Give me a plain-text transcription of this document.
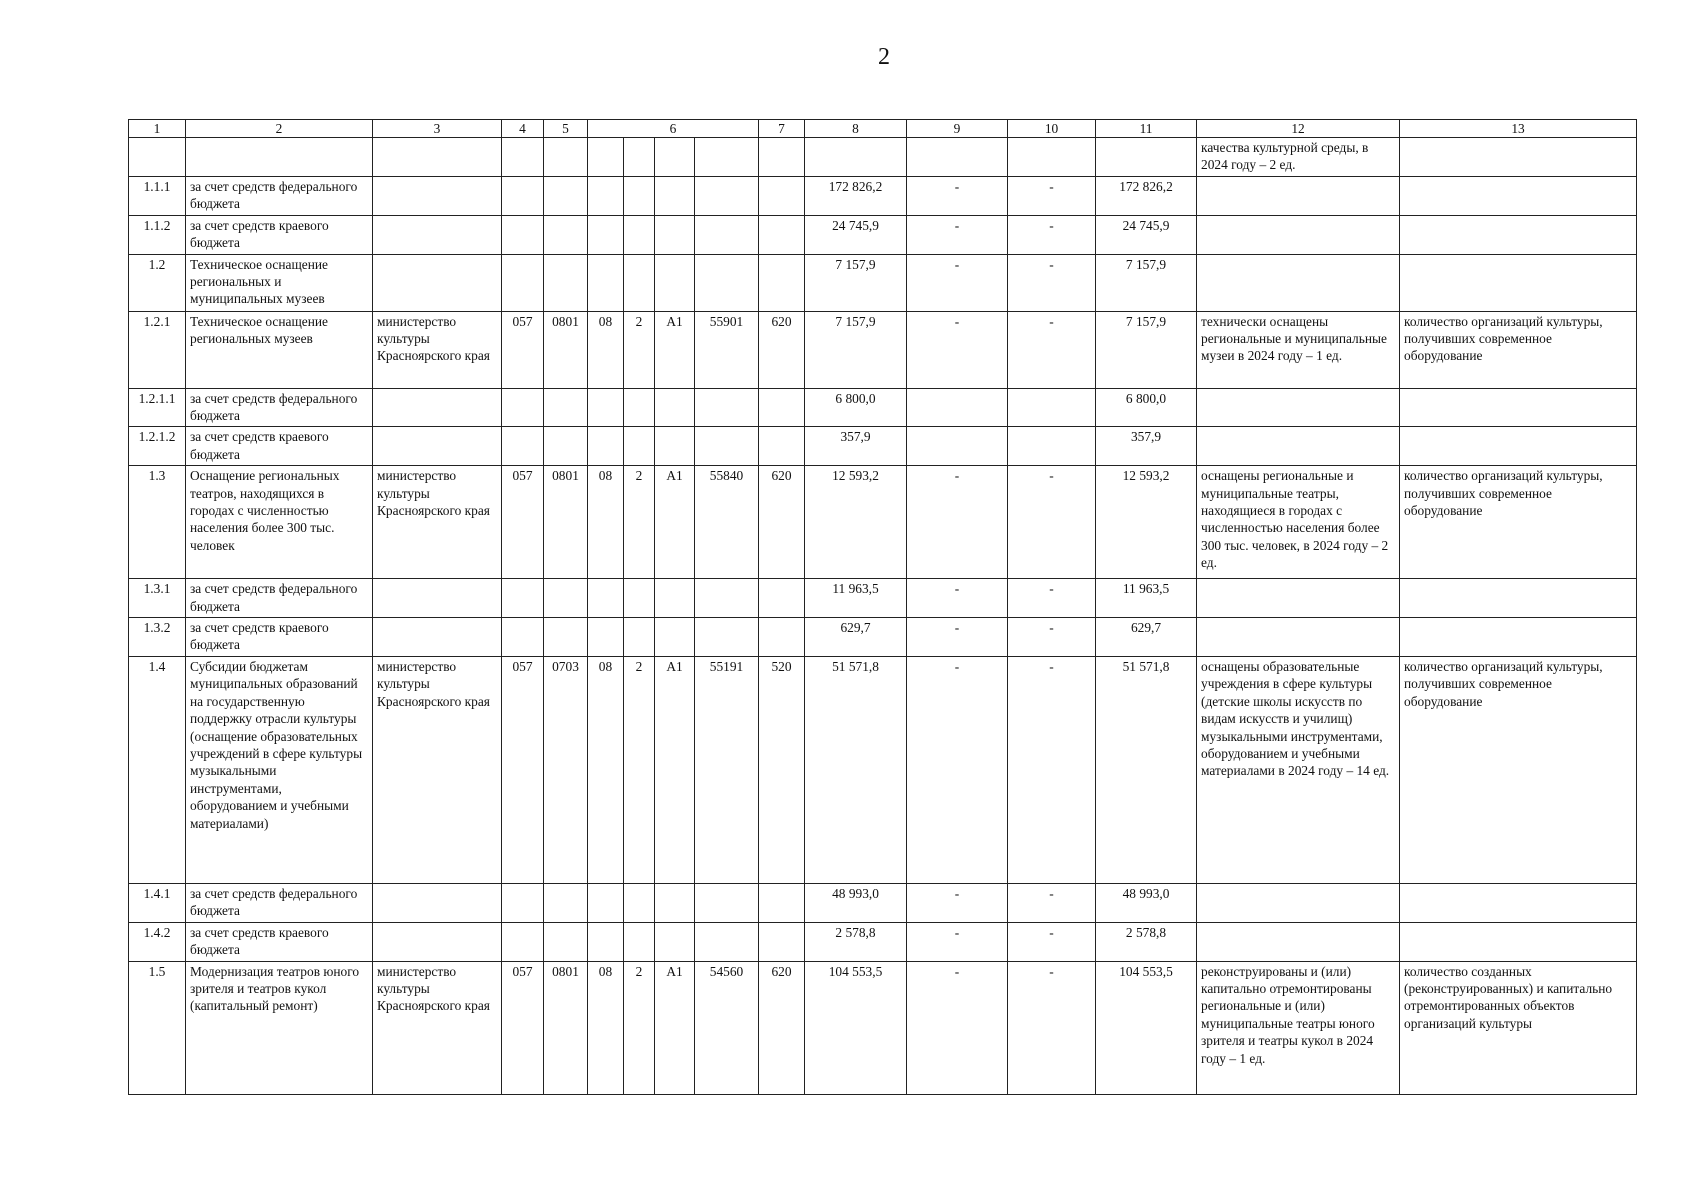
2
1	2	3	4	5	6				7	8	9	10	11	12	13
														качества культурной среды, в 2024 году – 2 ед.	
1.1.1	за счет средств федерального бюджета									172 826,2	-	-	172 826,2		
1.1.2	за счет средств краевого бюджета									24 745,9	-	-	24 745,9		
1.2	Техническое оснащение региональных и муниципальных музеев									7 157,9	-	-	7 157,9		
1.2.1	Техническое оснащение региональных музеев	министерство культуры Красноярского края	057	0801	08	2	А1	55901	620	7 157,9	-	-	7 157,9	технически оснащены региональные и муниципальные музеи в 2024 году – 1 ед.	количество организаций культуры, получивших современное оборудование
1.2.1.1	за счет средств федерального бюджета									6 800,0			6 800,0		
1.2.1.2	за счет средств краевого бюджета									357,9			357,9		
1.3	Оснащение региональных театров, находящихся в городах с численностью населения более 300 тыс. человек	министерство культуры Красноярского края	057	0801	08	2	А1	55840	620	12 593,2	-	-	12 593,2	оснащены региональные и муниципальные театры, находящиеся в городах с численностью населения более 300 тыс. человек, в 2024 году – 2 ед.	количество организаций культуры, получивших современное оборудование
1.3.1	за счет средств федерального бюджета									11 963,5	-	-	11 963,5		
1.3.2	за счет средств краевого бюджета									629,7	-	-	629,7		
1.4	Субсидии бюджетам муниципальных образований на государственную поддержку отрасли культуры (оснащение образовательных учреждений в сфере культуры музыкальными инструментами, оборудованием и учебными материалами)	министерство культуры Красноярского края	057	0703	08	2	А1	55191	520	51 571,8	-	-	51 571,8	оснащены образовательные учреждения в сфере культуры (детские школы искусств по видам искусств и училищ) музыкальными инструментами, оборудованием и учебными материалами в 2024 году – 14 ед.	количество организаций культуры, получивших современное оборудование
1.4.1	за счет средств федерального бюджета									48 993,0	-	-	48 993,0		
1.4.2	за счет средств краевого бюджета									2 578,8	-	-	2 578,8		
1.5	Модернизация театров юного зрителя и театров кукол (капитальный ремонт)	министерство культуры Красноярского края	057	0801	08	2	А1	54560	620	104 553,5	-	-	104 553,5	реконструированы и (или) капитально отремонтированы региональные и (или) муниципальные театры юного зрителя и театры кукол в 2024 году – 1 ед.	количество созданных (реконструированных) и капитально отремонтированных объектов организаций культуры
